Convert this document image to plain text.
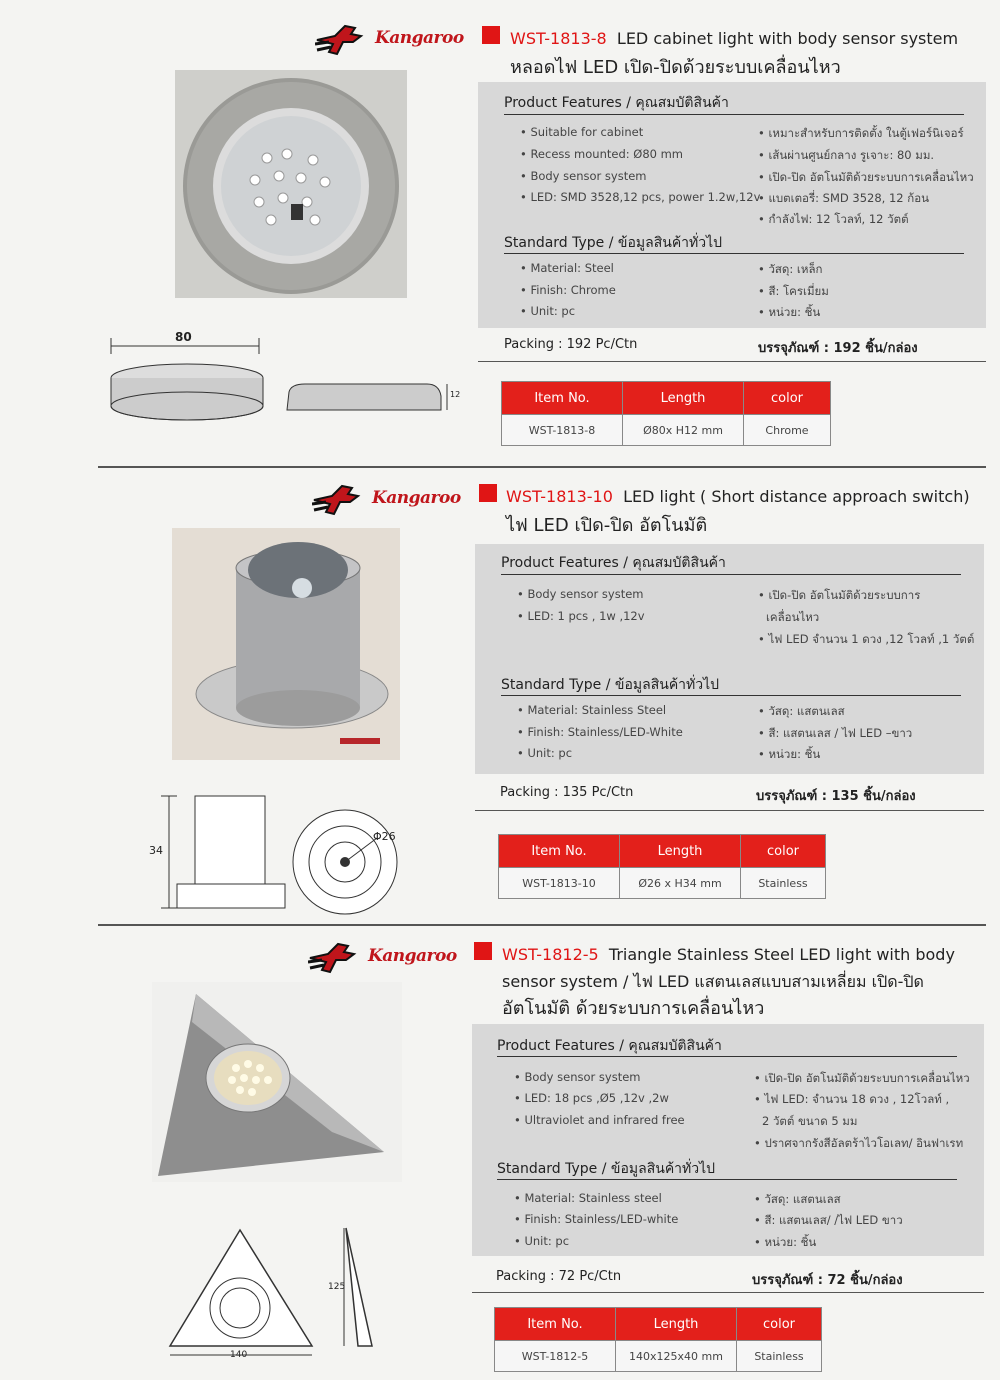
Kangaroo	WST-1813-8 LED cabinet light with body sensor system
หลอดไฟ LED เปิด-ปิดด้วยระบบเคลื่อนไหว
Product Features / คุณสมบัติสินค้า
• Suitable for cabinet
• Recess mounted: Ø80 mm
• Body sensor system
• LED: SMD 3528,12 pcs, power 1.2w,12v
• เหมาะสำหรับการติดตั้ง ในตู้เฟอร์นิเจอร์
• เส้นผ่านศูนย์กลาง รูเจาะ: 80 มม.
• เปิด-ปิด อัตโนมัติด้วยระบบการเคลื่อนไหว
• แบตเตอรี่: SMD 3528, 12 ก้อน
• กำลังไฟ: 12 โวลท์, 12 วัตต์
Standard Type / ข้อมูลสินค้าทั่วไป
• Material: Steel
• Finish: Chrome
• Unit: pc
• วัสดุ: เหล็ก
• สี: โครเมี่ยม
• หน่วย: ชิ้น
Packing : 192 Pc/Ctn	บรรจุภัณฑ์ : 192 ชิ้น/กล่อง
Item No.	Length	color
WST-1813-8	Ø80x H12 mm	Chrome
80
12
Kangaroo	WST-1813-10 LED light ( Short distance approach switch)
ไฟ LED เปิด-ปิด อัตโนมัติ
Product Features / คุณสมบัติสินค้า
• Body sensor system
• LED: 1 pcs , 1w ,12v
• เปิด-ปิด อัตโนมัติด้วยระบบการ
เคลื่อนไหว
• ไฟ LED จำนวน 1 ดวง ,12 โวลท์ ,1 วัตต์
Standard Type / ข้อมูลสินค้าทั่วไป
• Material: Stainless Steel
• Finish: Stainless/LED-White
• Unit: pc
• วัสดุ: แสตนเลส
• สี: แสตนเลส / ไฟ LED –ขาว
• หน่วย: ชิ้น
Packing : 135 Pc/Ctn	บรรจุภัณฑ์ : 135 ชิ้น/กล่อง
Item No.	Length	color
WST-1813-10	Ø26 x H34 mm	Stainless
34
Φ26
Kangaroo	WST-1812-5 Triangle Stainless Steel LED light with body
sensor system / ไฟ LED แสตนเลสแบบสามเหลี่ยม เปิด-ปิด
อัตโนมัติ ด้วยระบบการเคลื่อนไหว
Product Features / คุณสมบัติสินค้า
• Body sensor system
• LED: 18 pcs ,Ø5 ,12v ,2w
• Ultraviolet and infrared free
• เปิด-ปิด อัตโนมัติด้วยระบบการเคลื่อนไหว
• ไฟ LED: จำนวน 18 ดวง , 12โวลท์ ,
2 วัตต์ ขนาด 5 มม
• ปราศจากรังสีอัลตร้าไวโอเลท/ อินฟาเรท
Standard Type / ข้อมูลสินค้าทั่วไป
• Material: Stainless steel
• Finish: Stainless/LED-white
• Unit: pc
• วัสดุ: แสตนเลส
• สี: แสตนเลส/ /ไฟ LED ขาว
• หน่วย: ชิ้น
Packing : 72 Pc/Ctn	บรรจุภัณฑ์ : 72 ชิ้น/กล่อง
Item No.	Length	color
WST-1812-5	140x125x40 mm	Stainless
125
140
